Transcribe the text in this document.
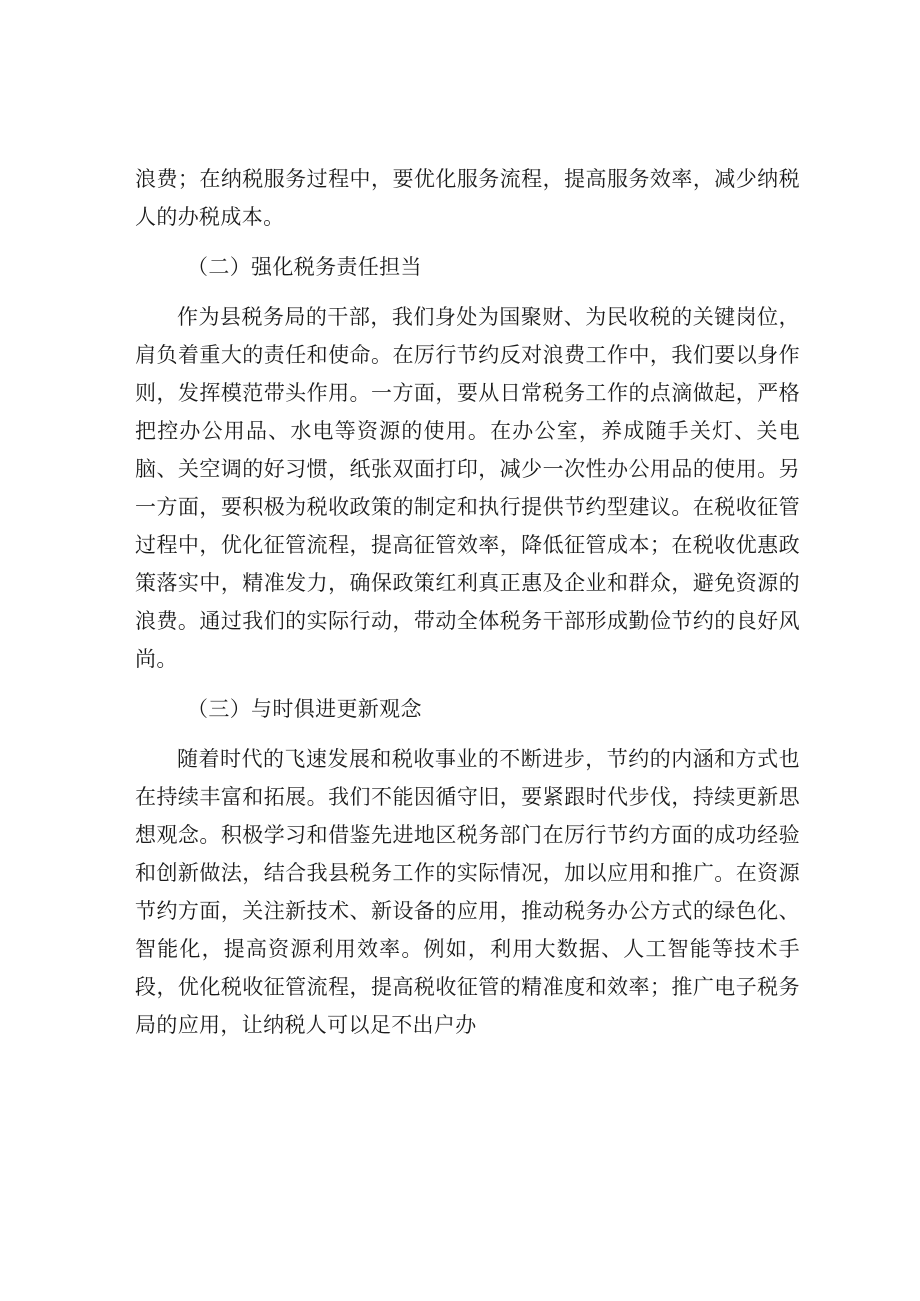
浪费；在纳税服务过程中，要优化服务流程，提高服务效率，减少纳税人的办税成本。

（二）强化税务责任担当

作为县税务局的干部，我们身处为国聚财、为民收税的关键岗位，肩负着重大的责任和使命。在厉行节约反对浪费工作中，我们要以身作则，发挥模范带头作用。一方面，要从日常税务工作的点滴做起，严格把控办公用品、水电等资源的使用。在办公室，养成随手关灯、关电脑、关空调的好习惯，纸张双面打印，减少一次性办公用品的使用。另一方面，要积极为税收政策的制定和执行提供节约型建议。在税收征管过程中，优化征管流程，提高征管效率，降低征管成本；在税收优惠政策落实中，精准发力，确保政策红利真正惠及企业和群众，避免资源的浪费。通过我们的实际行动，带动全体税务干部形成勤俭节约的良好风尚。

（三）与时俱进更新观念

随着时代的飞速发展和税收事业的不断进步，节约的内涵和方式也在持续丰富和拓展。我们不能因循守旧，要紧跟时代步伐，持续更新思想观念。积极学习和借鉴先进地区税务部门在厉行节约方面的成功经验和创新做法，结合我县税务工作的实际情况，加以应用和推广。在资源节约方面，关注新技术、新设备的应用，推动税务办公方式的绿色化、智能化，提高资源利用效率。例如，利用大数据、人工智能等技术手段，优化税收征管流程，提高税收征管的精准度和效率；推广电子税务局的应用，让纳税人可以足不出户办
